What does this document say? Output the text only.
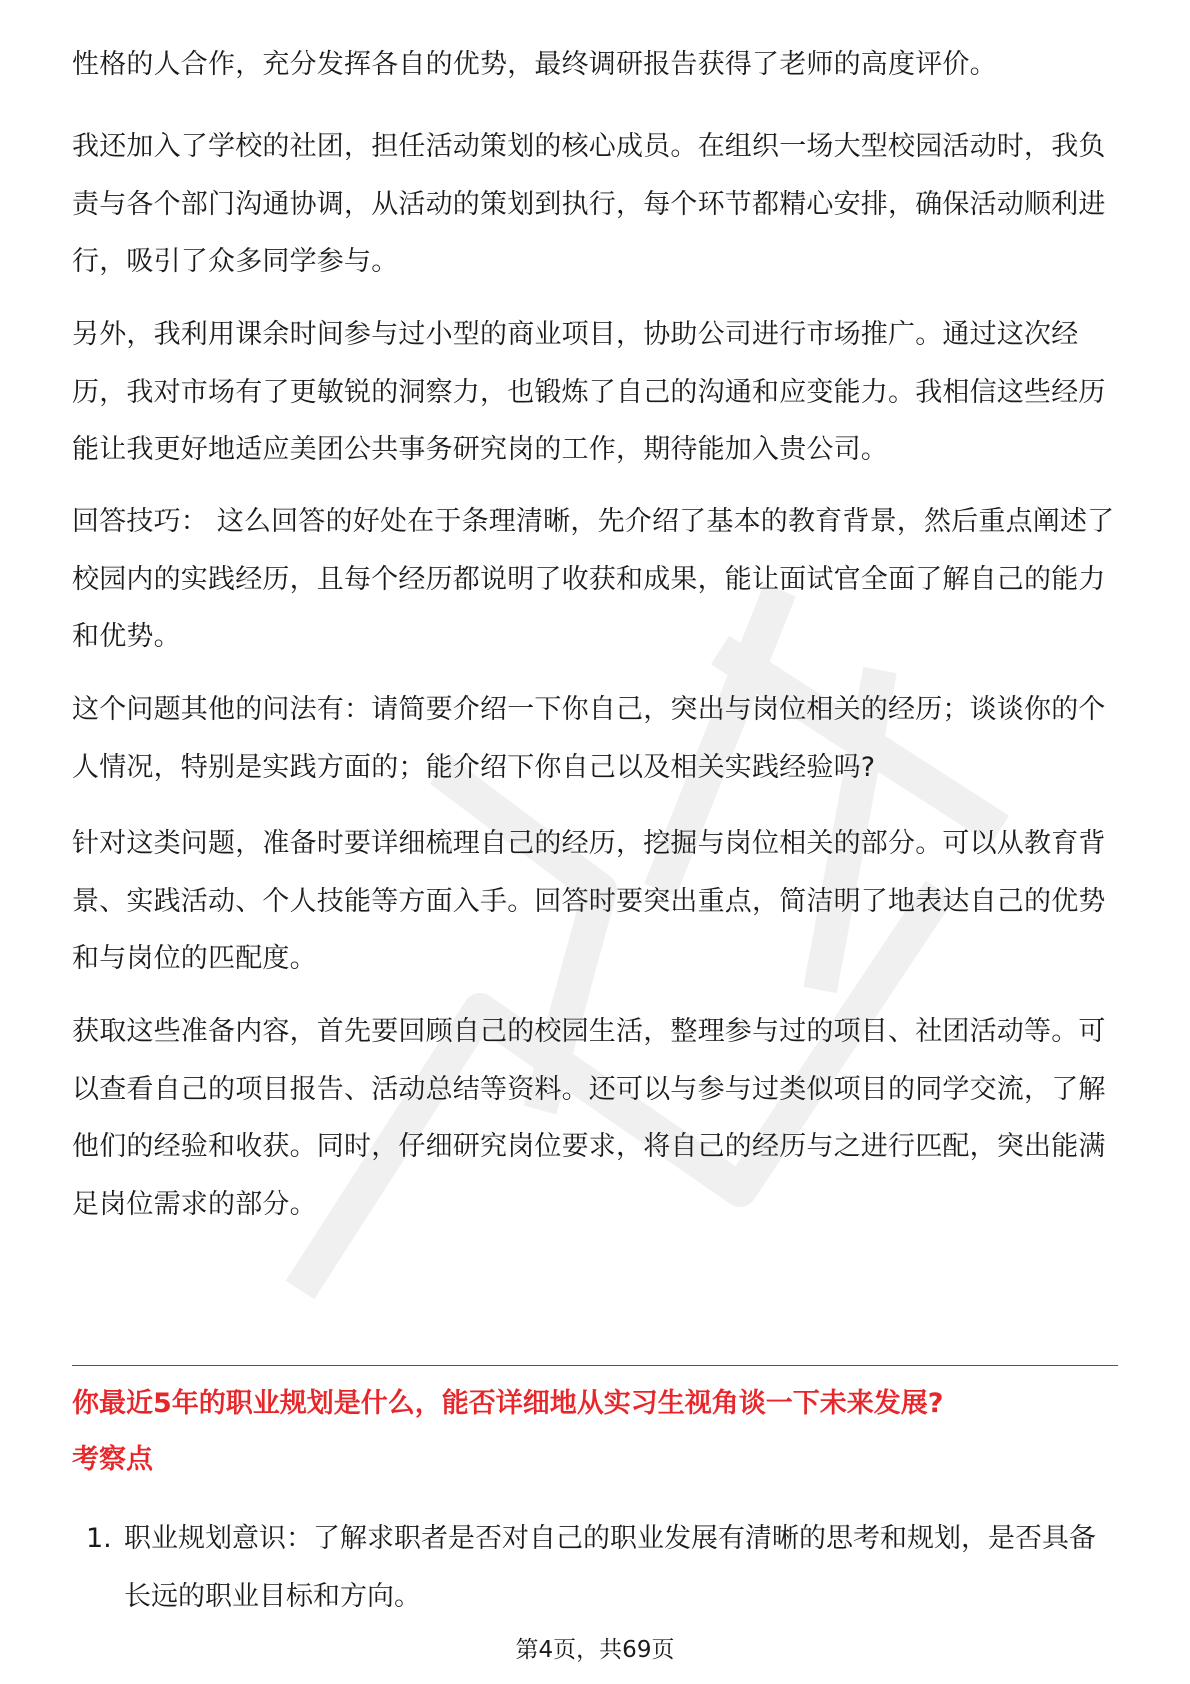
性格的人合作，充分发挥各自的优势，最终调研报告获得了老师的高度评价。

我还加入了学校的社团，担任活动策划的核心成员。在组织一场大型校园活动时，我负责与各个部门沟通协调，从活动的策划到执行，每个环节都精心安排，确保活动顺利进行，吸引了众多同学参与。

另外，我利用课余时间参与过小型的商业项目，协助公司进行市场推广。通过这次经历，我对市场有了更敏锐的洞察力，也锻炼了自己的沟通和应变能力。我相信这些经历能让我更好地适应美团公共事务研究岗的工作，期待能加入贵公司。

回答技巧： 这么回答的好处在于条理清晰，先介绍了基本的教育背景，然后重点阐述了校园内的实践经历，且每个经历都说明了收获和成果，能让面试官全面了解自己的能力和优势。

这个问题其他的问法有：请简要介绍一下你自己，突出与岗位相关的经历；谈谈你的个人情况，特别是实践方面的；能介绍下你自己以及相关实践经验吗?

针对这类问题，准备时要详细梳理自己的经历，挖掘与岗位相关的部分。可以从教育背景、实践活动、个人技能等方面入手。回答时要突出重点，简洁明了地表达自己的优势和与岗位的匹配度。

获取这些准备内容，首先要回顾自己的校园生活，整理参与过的项目、社团活动等。可以查看自己的项目报告、活动总结等资料。还可以与参与过类似项目的同学交流，了解他们的经验和收获。同时，仔细研究岗位要求，将自己的经历与之进行匹配，突出能满足岗位需求的部分。

你最近5年的职业规划是什么，能否详细地从实习生视角谈一下未来发展?

考察点

1. 职业规划意识：了解求职者是否对自己的职业发展有清晰的思考和规划，是否具备长远的职业目标和方向。
第4页，共69页
